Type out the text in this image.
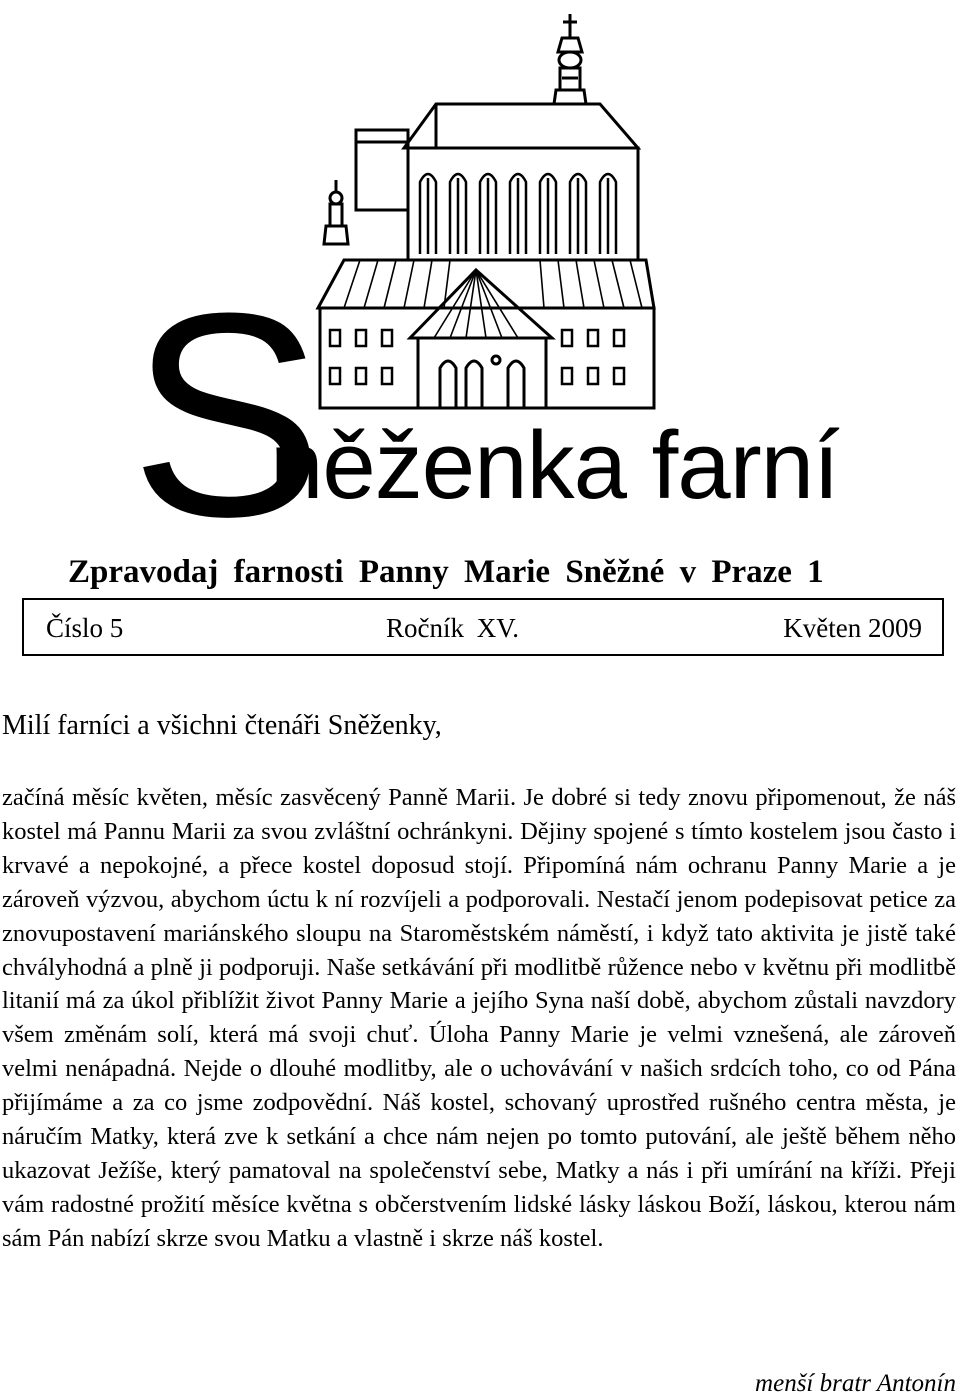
S
něženka farní
Zpravodaj farnosti Panny Marie Sněžné v Praze 1
Číslo 5	Ročník XV.	Květen 2009
Milí farníci a všichni čtenáři Sněženky,

začíná měsíc květen, měsíc zasvěcený Panně Marii. Je dobré si tedy znovu připomenout, že náš kostel má Pannu Marii za svou zvláštní ochránkyni. Dějiny spojené s tímto kostelem jsou často i krvavé a nepokojné, a přece kostel doposud stojí. Připomíná nám ochranu Panny Marie a je zároveň výzvou, abychom úctu k ní rozvíjeli a podporovali. Nestačí jenom podepisovat petice za znovupostavení mariánského sloupu na Staroměstském náměstí, i když tato aktivita je jistě také chvályhodná a plně ji podporuji. Naše setkávání při modlitbě růžence nebo v květnu při modlitbě litanií má za úkol přiblížit život Panny Marie a jejího Syna naší době, abychom zůstali navzdory všem změnám solí, která má svoji chuť. Úloha Panny Marie je velmi vznešená, ale zároveň velmi nenápadná. Nejde o dlouhé modlitby, ale o uchovávání v našich srdcích toho, co od Pána přijímáme a za co jsme zodpovědní. Náš kostel, schovaný uprostřed rušného centra města, je náručím Matky, která zve k setkání a chce nám nejen po tomto putování, ale ještě během něho ukazovat Ježíše, který pamatoval na společenství sebe, Matky a nás i při umírání na kříži. Přeji vám radostné prožití měsíce května s občerstvením lidské lásky láskou Boží, láskou, kterou nám sám Pán nabízí skrze svou Matku a vlastně i skrze náš kostel.

menší bratr Antonín
